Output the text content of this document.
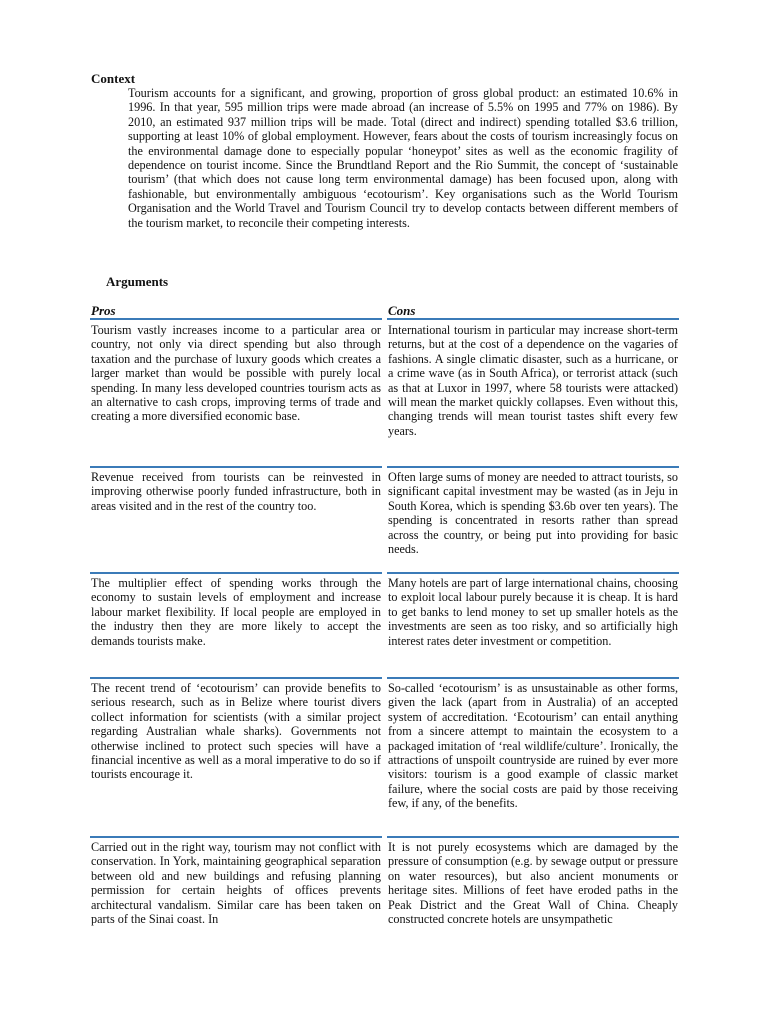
Context
Tourism accounts for a significant, and growing, proportion of gross global product: an estimated 10.6% in 1996. In that year, 595 million trips were made abroad (an increase of 5.5% on 1995 and 77% on 1986). By 2010, an estimated 937 million trips will be made. Total (direct and indirect) spending totalled $3.6 trillion, supporting at least 10% of global employment. However, fears about the costs of tourism increasingly focus on the environmental damage done to especially popular ‘honeypot’ sites as well as the economic fragility of dependence on tourist income. Since the Brundtland Report and the Rio Summit, the concept of ‘sustainable tourism’ (that which does not cause long term environmental damage) has been focused upon, along with fashionable, but environmentally ambiguous ‘ecotourism’. Key organisations such as the World Tourism Organisation and the World Travel and Tourism Council try to develop contacts between different members of the tourism market, to reconcile their competing interests.
Arguments
Pros	Cons
Tourism vastly increases income to a particular area or country, not only via direct spending but also through taxation and the purchase of luxury goods which creates a larger market than would be possible with purely local spending. In many less developed countries tourism acts as an alternative to cash crops, improving terms of trade and creating a more diversified economic base.
International tourism in particular may increase short-term returns, but at the cost of a dependence on the vagaries of fashions. A single climatic disaster, such as a hurricane, or a crime wave (as in South Africa), or terrorist attack (such as that at Luxor in 1997, where 58 tourists were attacked) will mean the market quickly collapses. Even without this, changing trends will mean tourist tastes shift every few years.
Revenue received from tourists can be reinvested in improving otherwise poorly funded infrastructure, both in areas visited and in the rest of the country too.
Often large sums of money are needed to attract tourists, so significant capital investment may be wasted (as in Jeju in South Korea, which is spending $3.6b over ten years). The spending is concentrated in resorts rather than spread across the country, or being put into providing for basic needs.
The multiplier effect of spending works through the economy to sustain levels of employment and increase labour market flexibility. If local people are employed in the industry then they are more likely to accept the demands tourists make.
Many hotels are part of large international chains, choosing to exploit local labour purely because it is cheap. It is hard to get banks to lend money to set up smaller hotels as the investments are seen as too risky, and so artificially high interest rates deter investment or competition.
The recent trend of ‘ecotourism’ can provide benefits to serious research, such as in Belize where tourist divers collect information for scientists (with a similar project regarding Australian whale sharks). Governments not otherwise inclined to protect such species will have a financial incentive as well as a moral imperative to do so if tourists encourage it.
So-called ‘ecotourism’ is as unsustainable as other forms, given the lack (apart from in Australia) of an accepted system of accreditation. ‘Ecotourism’ can entail anything from a sincere attempt to maintain the ecosystem to a packaged imitation of ‘real wildlife/culture’. Ironically, the attractions of unspoilt countryside are ruined by ever more visitors: tourism is a good example of classic market failure, where the social costs are paid by those receiving few, if any, of the benefits.
Carried out in the right way, tourism may not conflict with conservation. In York, maintaining geographical separation between old and new buildings and refusing planning permission for certain heights of offices prevents architectural vandalism. Similar care has been taken on parts of the Sinai coast. In
It is not purely ecosystems which are damaged by the pressure of consumption (e.g. by sewage output or pressure on water resources), but also ancient monuments or heritage sites. Millions of feet have eroded paths in the Peak District and the Great Wall of China. Cheaply constructed concrete hotels are unsympathetic
